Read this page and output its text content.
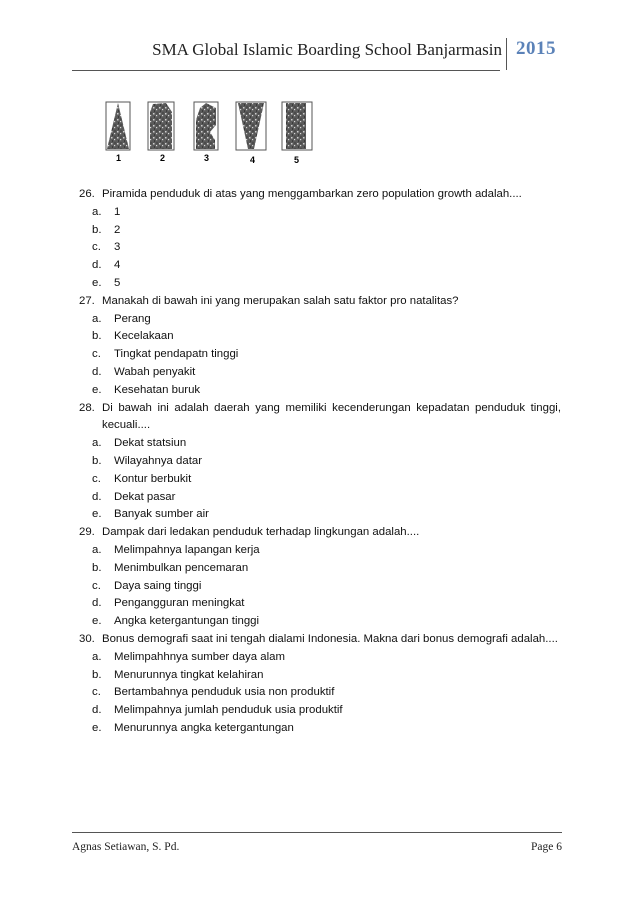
SMA Global Islamic Boarding School Banjarmasin 2015
1	2	3	4	5
26. Piramida penduduk di atas yang menggambarkan zero population growth adalah....
a.	1
b.	2
c.	3
d.	4
e.	5
27. Manakah di bawah ini yang merupakan salah satu faktor pro natalitas?
a.	Perang
b.	Kecelakaan
c.	Tingkat pendapatn tinggi
d.	Wabah penyakit
e.	Kesehatan buruk
28. Di bawah ini adalah daerah yang memiliki kecenderungan kepadatan penduduk tinggi, kecuali....
a.	Dekat statsiun
b.	Wilayahnya datar
c.	Kontur berbukit
d.	Dekat pasar
e.	Banyak sumber air
29. Dampak dari ledakan penduduk terhadap lingkungan adalah....
a.	Melimpahnya lapangan kerja
b.	Menimbulkan pencemaran
c.	Daya saing tinggi
d.	Pengangguran meningkat
e.	Angka ketergantungan tinggi
30. Bonus demografi saat ini tengah dialami Indonesia. Makna dari bonus demografi adalah....
a.	Melimpahhnya sumber daya alam
b.	Menurunnya tingkat kelahiran
c.	Bertambahnya penduduk usia non produktif
d.	Melimpahnya jumlah penduduk usia produktif
e.	Menurunnya angka ketergantungan
Agnas Setiawan, S. Pd.	Page 6
